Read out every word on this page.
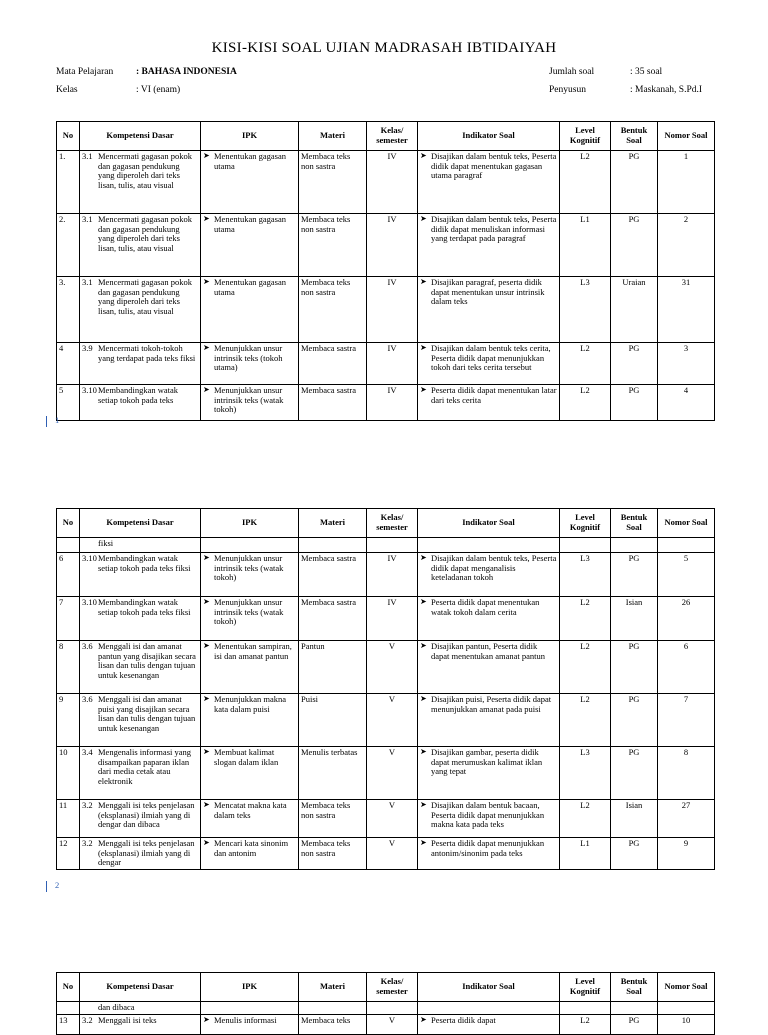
KISI-KISI SOAL UJIAN MADRASAH IBTIDAIYAH
Mata Pelajaran : BAHASA INDONESIA
Kelas	: VI (enam)
Jumlah soal	: 35 soal
Penyusun	: Maskanah, S.Pd.I
No	Kompetensi Dasar	IPK	Materi	Kelas/ semester	Indikator Soal	Level Kognitif	Bentuk Soal	Nomor Soal
1.	3.1 Mencermati gagasan pokok dan gagasan pendukung yang diperoleh dari teks lisan, tulis, atau visual	➤ Menentukan gagasan utama	Membaca teks non sastra	IV	➤ Disajikan dalam bentuk teks, Peserta didik dapat menentukan gagasan utama paragraf	L2	PG	1
2.	3.1 Mencermati gagasan pokok dan gagasan pendukung yang diperoleh dari teks lisan, tulis, atau visual	➤ Menentukan gagasan utama	Membaca teks non sastra	IV	➤ Disajikan dalam bentuk teks, Peserta didik dapat menuliskan informasi yang terdapat pada paragraf	L1	PG	2
3.	3.1 Mencermati gagasan pokok dan gagasan pendukung yang diperoleh dari teks lisan, tulis, atau visual	➤ Menentukan gagasan utama	Membaca teks non sastra	IV	➤ Disajikan paragraf, peserta didik dapat menentukan unsur intrinsik dalam teks	L3	Uraian	31
4	3.9 Mencermati tokoh-tokoh yang terdapat pada teks fiksi	➤ Menunjukkan unsur intrinsik teks (tokoh utama)	Membaca sastra	IV	➤ Disajikan dalam bentuk teks cerita, Peserta didik dapat menunjukkan tokoh dari teks cerita tersebut	L2	PG	3
5	3.10 Membandingkan watak setiap tokoh pada teks	➤ Menunjukkan unsur intrinsik teks (watak tokoh)	Membaca sastra	IV	➤ Peserta didik dapat menentukan latar dari teks cerita	L2	PG	4
1
No	Kompetensi Dasar	IPK	Materi	Kelas/ semester	Indikator Soal	Level Kognitif	Bentuk Soal	Nomor Soal
	fiksi							
6	3.10 Membandingkan watak setiap tokoh pada teks fiksi	➤ Menunjukkan unsur intrinsik teks (watak tokoh)	Membaca sastra	IV	➤ Disajikan dalam bentuk teks, Peserta didik dapat menganalisis keteladanan tokoh	L3	PG	5
7	3.10 Membandingkan watak setiap tokoh pada teks fiksi	➤ Menunjukkan unsur intrinsik teks (watak tokoh)	Membaca sastra	IV	➤ Peserta didik dapat menentukan watak tokoh dalam cerita	L2	Isian	26
8	3.6 Menggali isi dan amanat pantun yang disajikan secara lisan dan tulis dengan tujuan untuk kesenangan	➤ Menentukan sampiran, isi dan amanat pantun	Pantun	V	➤ Disajikan pantun, Peserta didik dapat menentukan amanat pantun	L2	PG	6
9	3.6 Menggali isi dan amanat puisi yang disajikan secara lisan dan tulis dengan tujuan untuk kesenangan	➤ Menunjukkan makna kata dalam puisi	Puisi	V	➤ Disajikan puisi, Peserta didik dapat menunjukkan amanat pada puisi	L2	PG	7
10	3.4 Mengenalis informasi yang disampaikan paparan iklan dari media cetak atau elektronik	➤ Membuat kalimat slogan dalam iklan	Menulis terbatas	V	➤ Disajikan gambar, peserta didik dapat merumuskan kalimat iklan yang tepat	L3	PG	8
11	3.2 Menggali isi teks penjelasan (eksplanasi) ilmiah yang di dengar dan dibaca	➤ Mencatat makna kata dalam teks	Membaca teks non sastra	V	➤ Disajikan dalam bentuk bacaan, Peserta didik dapat menunjukkan makna kata pada teks	L2	Isian	27
12	3.2 Menggali isi teks penjelasan (eksplanasi) ilmiah yang di dengar	➤ Mencari kata sinonim dan antonim	Membaca teks non sastra	V	➤ Peserta didik dapat menunjukkan antonim/sinonim pada teks	L1	PG	9
2
No	Kompetensi Dasar	IPK	Materi	Kelas/ semester	Indikator Soal	Level Kognitif	Bentuk Soal	Nomor Soal
	dan dibaca							
13	3.2 Menggali isi teks	➤ Menulis informasi	Membaca teks	V	➤ Peserta didik dapat	L2	PG	10
